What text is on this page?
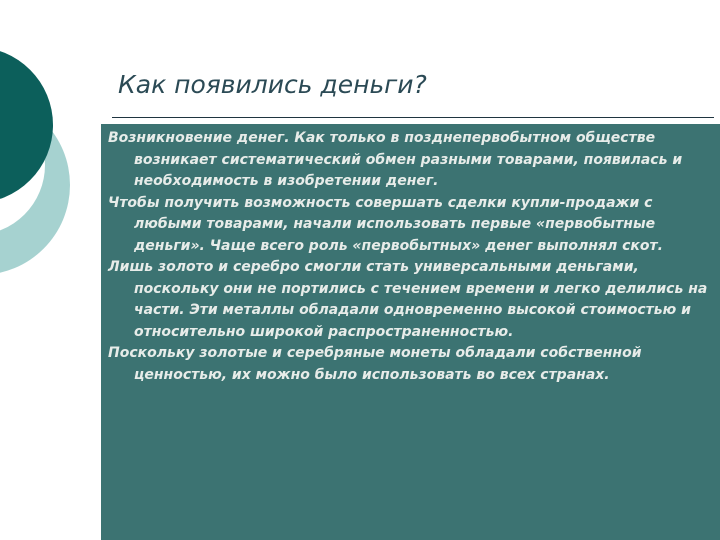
Как появились деньги?

Возникновение денег. Как только в позднепервобытном обществе возникает систематический обмен разными товарами, появилась и необходимость в изобретении денег.

Чтобы получить возможность совершать сделки купли-продажи с любыми товарами, начали использовать первые «первобытные деньги». Чаще всего роль «первобытных» денег выполнял скот.

Лишь золото и серебро смогли стать универсальными деньгами, поскольку они не портились с течением времени и легко делились на части. Эти металлы обладали одновременно высокой стоимостью и относительно широкой распространенностью.

Поскольку золотые и серебряные монеты обладали собственной ценностью, их можно было использовать во всех странах.
